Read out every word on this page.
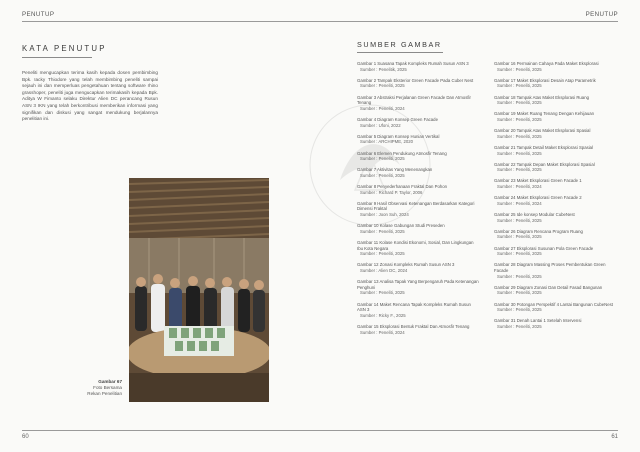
PENUTUP	PENUTUP
KATA PENUTUP
Peneliti mengucapkan terima kasih kepada dosen pembimbing Bpk. Iacky Thiodore yang telah membimbing peneliti sampai sejauh ini dan memperluas pengetahuan tentang software rhino grasshoper, peneliti juga mengucapkan terimakasih kepada Bpk. Aditya W Fimanto selaku Direktur Alien DC perancang Rusun ASN 3 IKN yang telah berkontribusi memberikan informasi yang signifikan dan diskusi yang sangat mendukung berjalannya penelitian ini.
Gambar 67
Foto Bersama
Rekan Penelitian
SUMBER GAMBAR
Gambar 1 Suasana Tapak Kompleks Rumah Susun ASN 3
Sumber : Penelitik, 2025
Gambar 2 Tampak Eksterior Green Facade Pada Cuber Nest
Sumber : Peneliti, 2025
Gambar 3 Abstraksi Perjalanan Green Facade Dan Atmosfir Tenang
Sumber : Peneliti, 2024
Gambar 4 Diagram Konsep Green Facade
Sumber : Ufoni, 2022
Gambar 5 Diagram Konsep Hunian Vertikal
Sumber : ARCHIPME, 2020
Gambar 6 Elemen Pendukung Atmosfir Tenang
Sumber : Peneliti, 2025
Gambar 7 Aktivitas Yang Menenangkan
Sumber : Peneliti, 2025
Gambar 8 Penyederhanaan Fraktal Dan Pohon
Sumber : Richard P. Taylor, 2006
Gambar 9 Hasil Observasi Ketenangan Berdasarkan Kategori Dimensi Fraktal
Sumber : Joon Suh, 2024
Gambar 10 Kolase Gabungan Studi Preseden
Sumber : Peneliti, 2025
Gambar 11 Kolase Kondisi Ekonomi, Sosial, Dan Lingkungan Ibu Kota Negara
Sumber : Peneliti, 2025
Gambar 12 Zonasi Kompleks Rumah Susun ASN 3
Sumber : Alien DC, 2024
Gambar 13 Analisa Tapak Yang Berpengaruh Pada Ketenangan Penghuni
Sumber : Peneliti, 2025
Gambar 14 Maket Rencana Tapak Kompleks Rumah Susun ASN 3
Sumber : Ricky F., 2025
Gambar 15 Eksplorasi Bentuk Fraktal Dan Atmosfir Tenang
Sumber : Peneliti, 2024
Gambar 16 Permainan Cahaya Pada Maket Eksplorasi
Sumber : Peneliti, 2025
Gambar 17 Maket Eksplorasi Desain Atap Parametrik
Sumber : Peneliti, 2025
Gambar 18 Tampak Atas Maket Eksplorasi Ruang
Sumber : Peneliti, 2025
Gambar 19 Maket Ruang Tenang Dengan Kehijauan
Sumber : Peneliti, 2025
Gambar 20 Tampak Atas Maket Eksplorasi Spasial
Sumber : Peneliti, 2025
Gambar 21 Tampak Detail Maket Eksplorasi Spasial
Sumber : Peneliti, 2025
Gambar 22 Tampak Depan Maket Eksplorasi Spasial
Sumber : Peneliti, 2025
Gambar 23 Maket Eksplorasi Green Facade 1
Sumber : Peneliti, 2024
Gambar 24 Maket Eksplorasi Green Facade 2
Sumber : Peneliti, 2024
Gambar 25 Ide konsep Modular CubeNest
Sumber : Peneliti, 2025
Gambar 26 Diagram Rencana Program Ruang
Sumber : Peneliti, 2025
Gambar 27 Eksplorasi Susunan Pola Green Facade
Sumber : Peneliti, 2025
Gambar 28 Diagram Massing Proses Pembentukan Green Facade
Sumber : Peneliti, 2025
Gambar 29 Diagram Zonasi Dan Detail Fasad Bangunan
Sumber : Peneliti, 2025
Gambar 30 Potongan Perspektif 4 Lantai Bangunan CubeNest
Sumber : Peneliti, 2025
Gambar 31 Denah Lantai 1 Setelah Intervensi
Sumber : Peneliti, 2025
60	61
